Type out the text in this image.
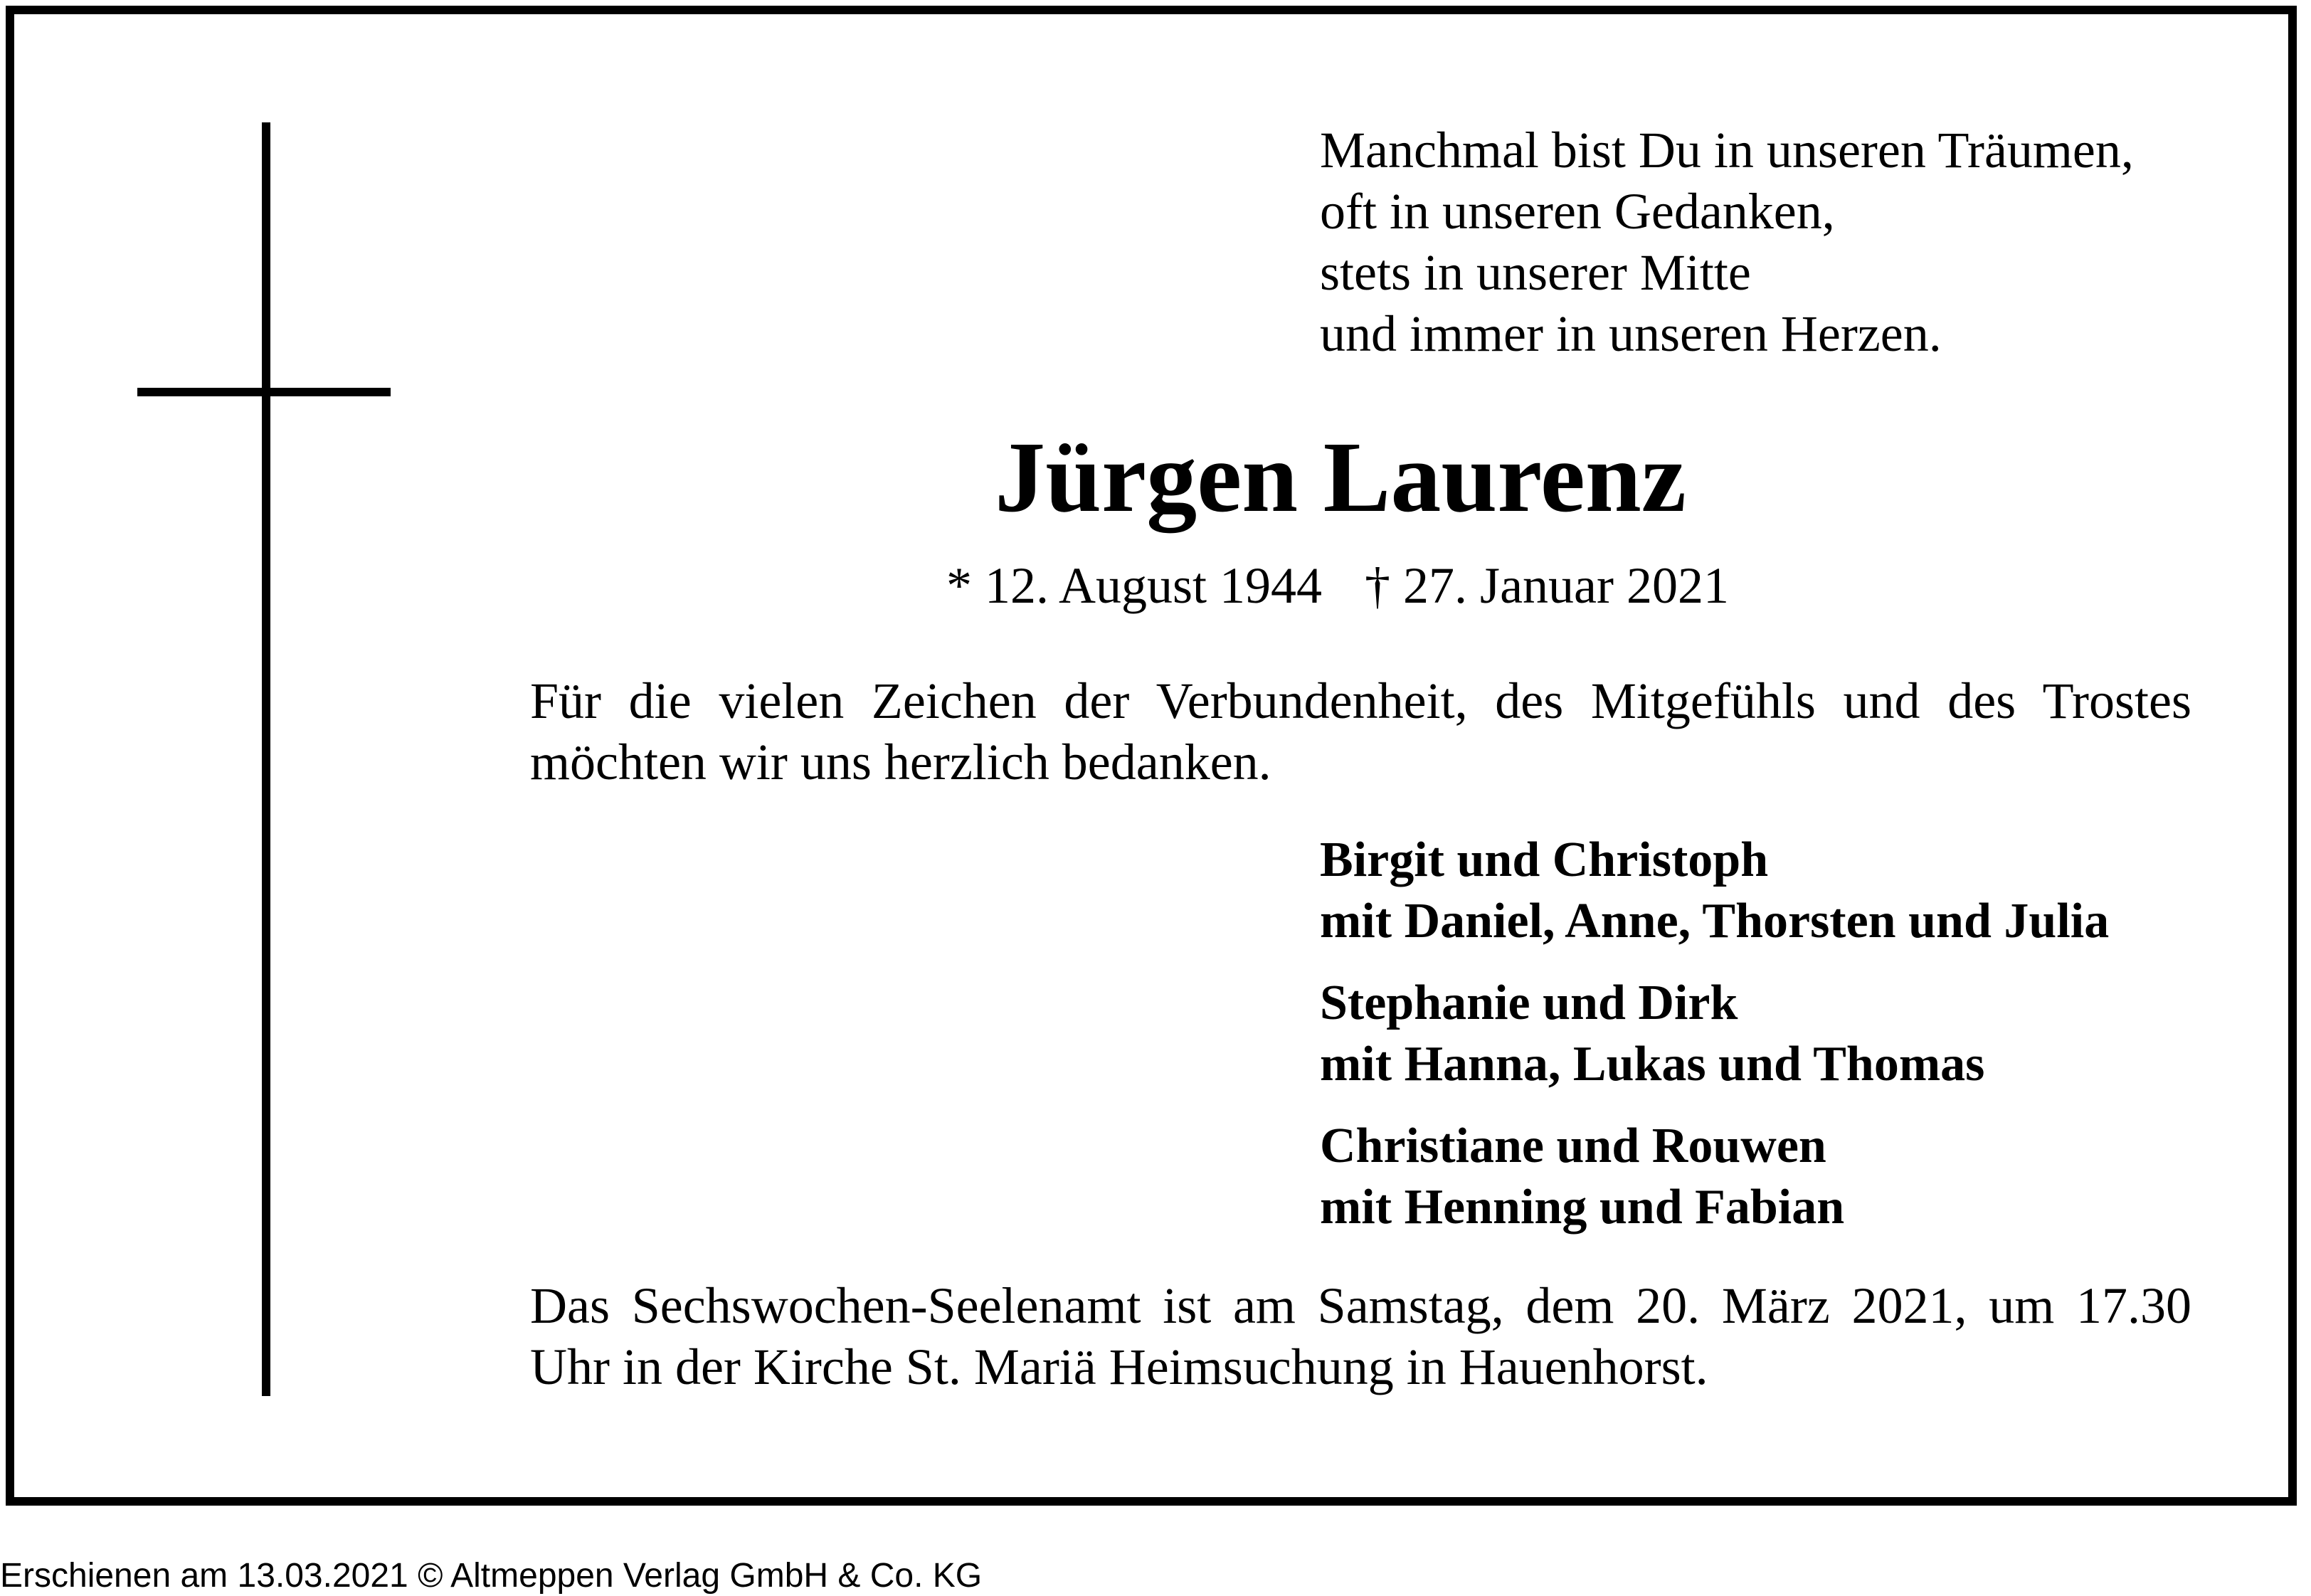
Manchmal bist Du in unseren Träumen,
oft in unseren Gedanken,
stets in unserer Mitte
und immer in unseren Herzen.
Jürgen Laurenz
* 12. August 1944 † 27. Januar 2021
Für die vielen Zeichen der Verbundenheit, des Mitgefühls und des Trostes möchten wir uns herzlich bedanken.
Birgit und Christoph
mit Daniel, Anne, Thorsten und Julia
Stephanie und Dirk
mit Hanna, Lukas und Thomas
Christiane und Rouwen
mit Henning und Fabian
Das Sechswochen-Seelenamt ist am Samstag, dem 20. März 2021, um 17.30 Uhr in der Kirche St. Mariä Heimsuchung in Hauenhorst.
Erschienen am 13.03.2021 © Altmeppen Verlag GmbH & Co. KG
